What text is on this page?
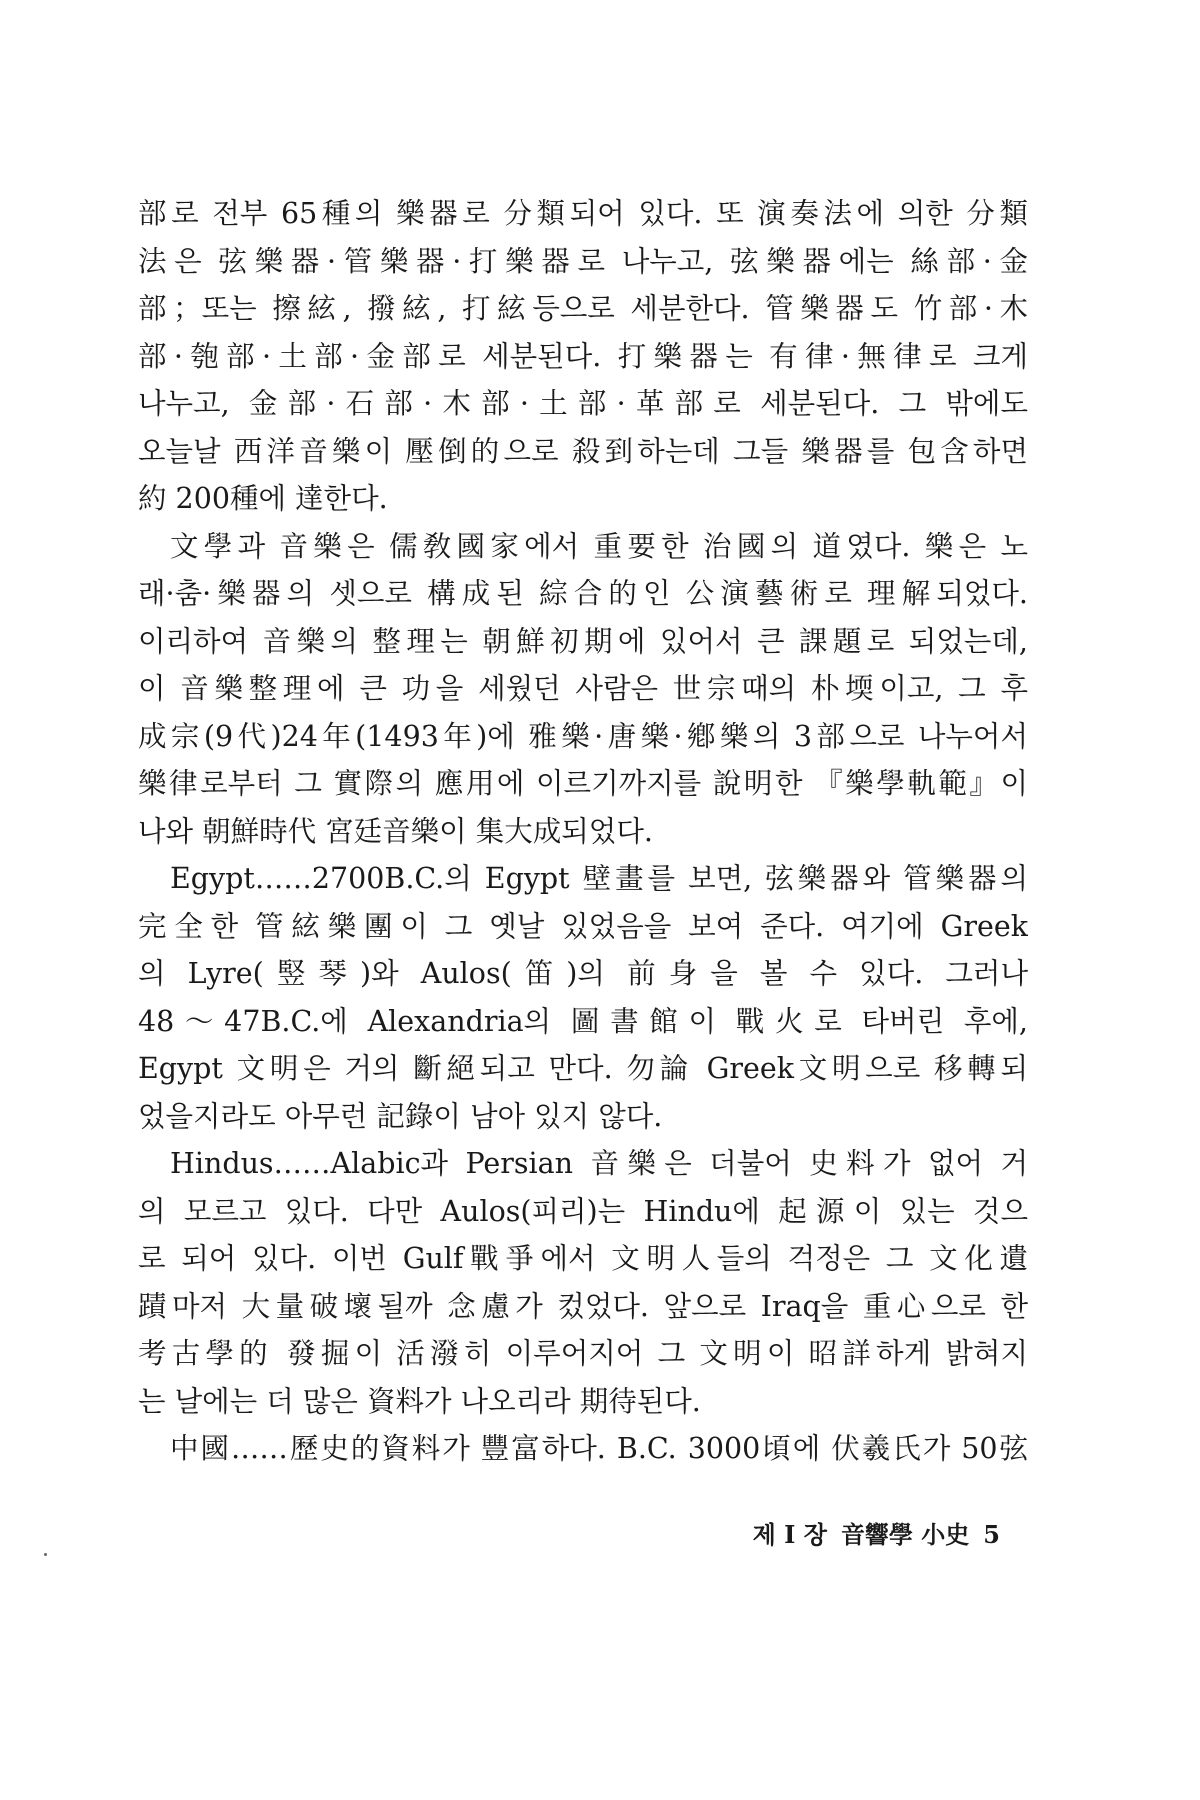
部로 전부 65種의 樂器로 分類되어 있다. 또 演奏法에 의한 分類
法은 弦樂器·管樂器·打樂器로 나누고, 弦樂器에는 絲部·金
部；또는 擦絃, 撥絃, 打絃등으로 세분한다. 管樂器도 竹部·木
部·匏部·土部·金部로 세분된다. 打樂器는 有律·無律로 크게
나누고, 金部·石部·木部·土部·革部로 세분된다. 그 밖에도
오늘날 西洋音樂이 壓倒的으로 殺到하는데 그들 樂器를 包含하면
約 200種에 達한다.
文學과 音樂은 儒敎國家에서 重要한 治國의 道였다. 樂은 노
래·춤·樂器의 셋으로 構成된 綜合的인 公演藝術로 理解되었다.
이리하여 音樂의 整理는 朝鮮初期에 있어서 큰 課題로 되었는데,
이 音樂整理에 큰 功을 세웠던 사람은 世宗때의 朴堧이고, 그 후
成宗(9代)24年(1493年)에 雅樂·唐樂·鄕樂의 3部으로 나누어서
樂律로부터 그 實際의 應用에 이르기까지를 說明한 『樂學軌範』이
나와 朝鮮時代 宮廷音樂이 集大成되었다.
Egypt……2700B.C.의 Egypt 壁畫를 보면, 弦樂器와 管樂器의
完全한 管絃樂團이 그 옛날 있었음을 보여 준다. 여기에 Greek
의 Lyre(竪琴)와 Aulos(笛)의 前身을 볼 수 있다. 그러나
48～47B.C.에 Alexandria의 圖書館이 戰火로 타버린 후에,
Egypt 文明은 거의 斷絕되고 만다. 勿論 Greek文明으로 移轉되
었을지라도 아무런 記錄이 남아 있지 않다.
Hindus……Alabic과 Persian 音樂은 더불어 史料가 없어 거
의 모르고 있다. 다만 Aulos(피리)는 Hindu에 起源이 있는 것으
로 되어 있다. 이번 Gulf戰爭에서 文明人들의 걱정은 그 文化遺
蹟마저 大量破壞될까 念慮가 컸었다. 앞으로 Iraq을 重心으로 한
考古學的 發掘이 活潑히 이루어지어 그 文明이 昭詳하게 밝혀지
는 날에는 더 많은 資料가 나오리라 期待된다.
中國……歷史的資料가 豐富하다. B.C. 3000頃에 伏羲氏가 50弦
제 I 장 音響學 小史 5
